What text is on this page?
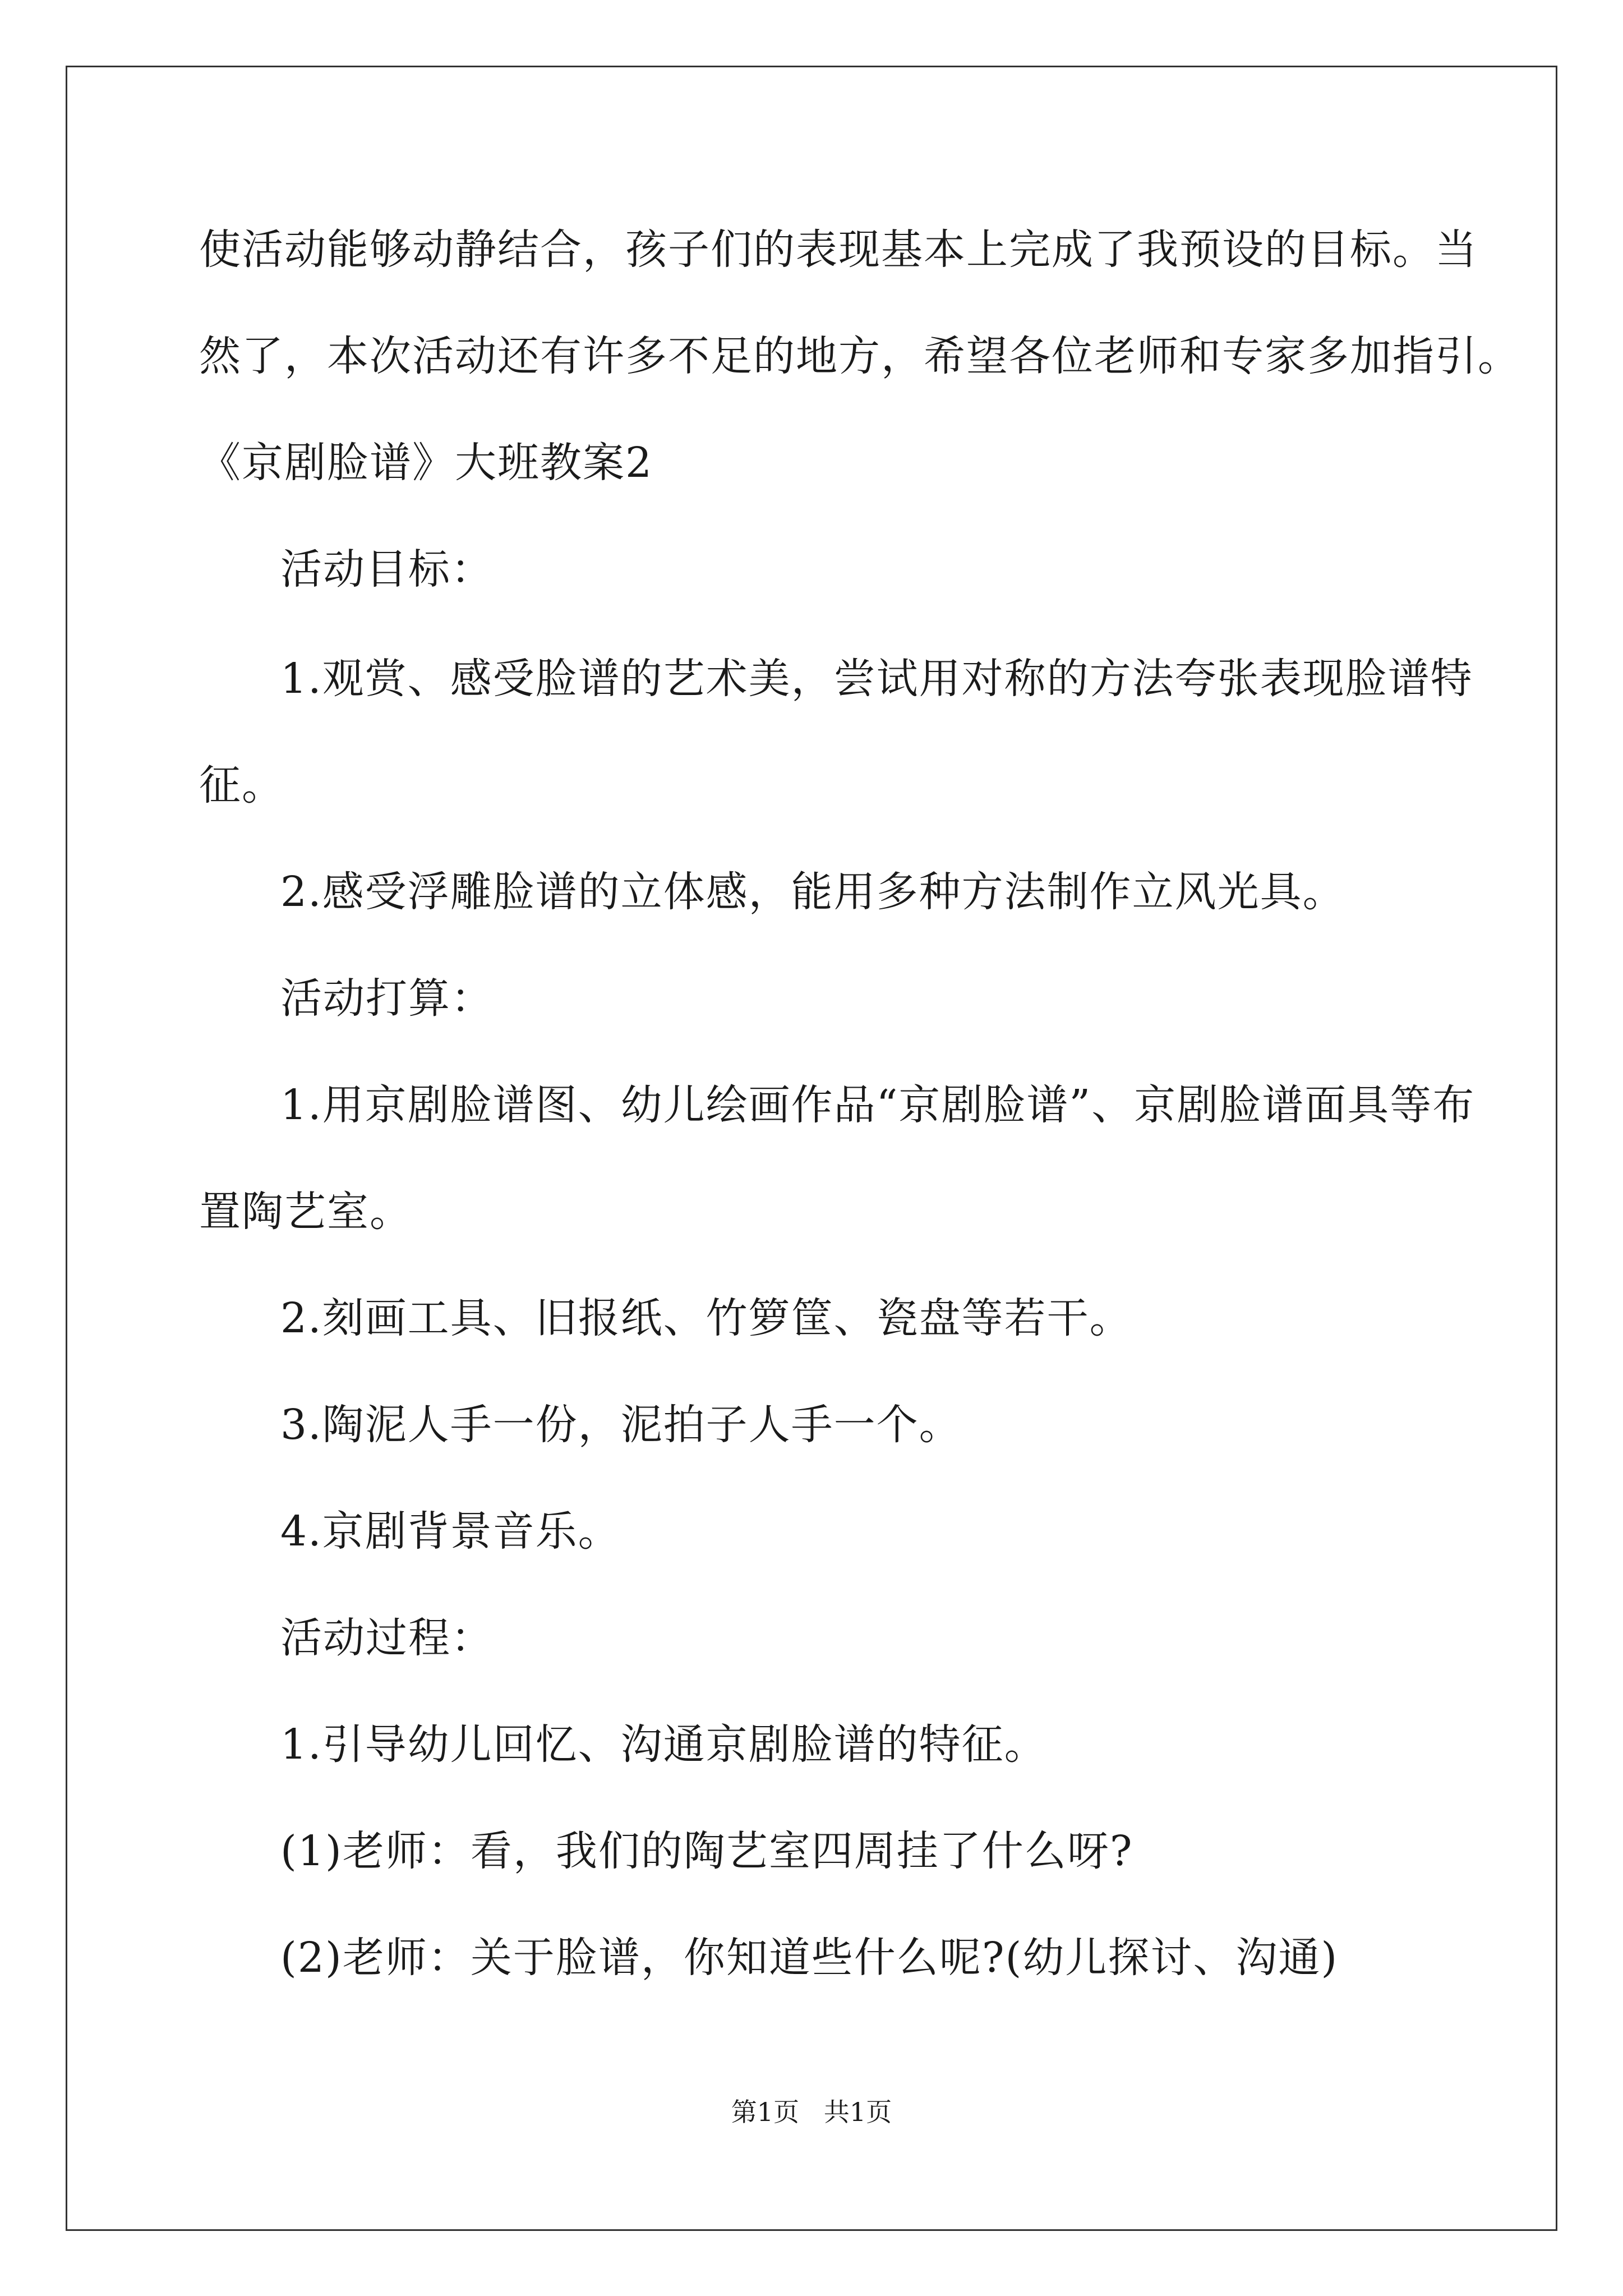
使活动能够动静结合，孩子们的表现基本上完成了我预设的目标。当
然了，本次活动还有许多不足的地方，希望各位老师和专家多加指引。
《京剧脸谱》大班教案2
活动目标：
1.观赏、感受脸谱的艺术美，尝试用对称的方法夸张表现脸谱特
征。
2.感受浮雕脸谱的立体感，能用多种方法制作立风光具。
活动打算：
1.用京剧脸谱图、幼儿绘画作品“京剧脸谱”、京剧脸谱面具等布
置陶艺室。
2.刻画工具、旧报纸、竹箩筐、瓷盘等若干。
3.陶泥人手一份，泥拍子人手一个。
4.京剧背景音乐。
活动过程：
1.引导幼儿回忆、沟通京剧脸谱的特征。
(1)老师：看，我们的陶艺室四周挂了什么呀?
(2)老师：关于脸谱，你知道些什么呢?(幼儿探讨、沟通)
第1页   共1页
